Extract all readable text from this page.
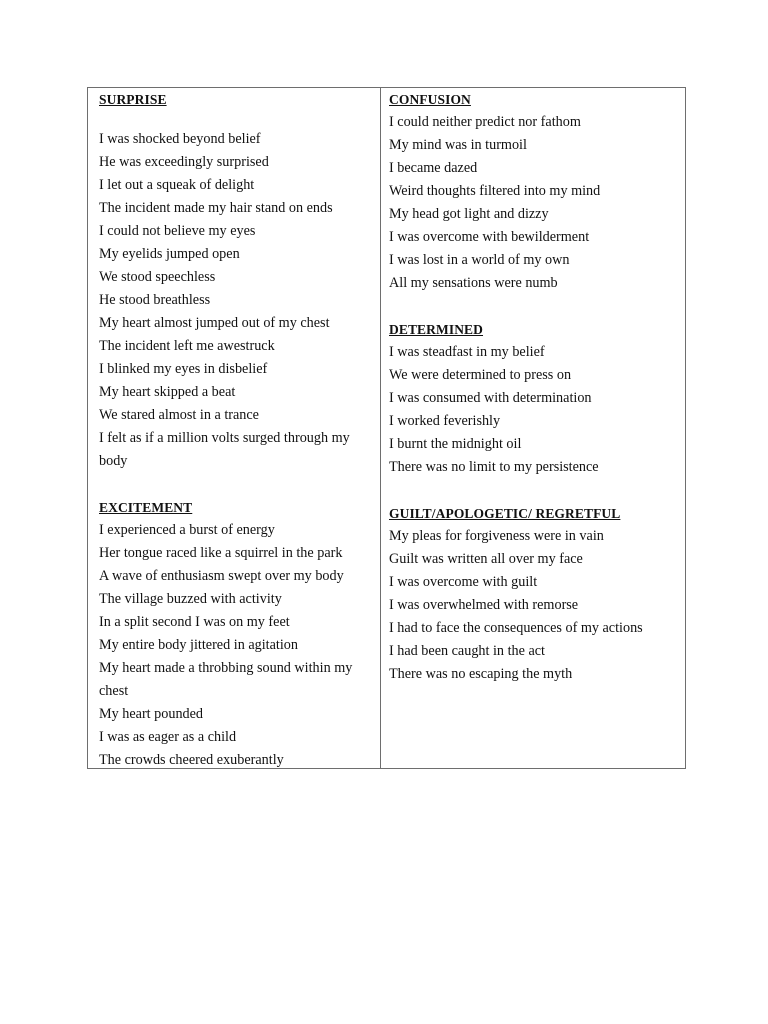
SURPRISE
I was shocked beyond belief
He was exceedingly surprised
I let out a squeak of delight
The incident made my hair stand on ends
I could not believe my eyes
My eyelids jumped open
We stood speechless
He stood breathless
My heart almost jumped out of my chest
The incident left me awestruck
I blinked my eyes in disbelief
My heart skipped a beat
We stared almost in a trance
I felt as if a million volts surged through my
body
EXCITEMENT
I experienced a burst of energy
Her tongue raced like a squirrel in the park
A wave of enthusiasm swept over my body
The village buzzed with activity
In a split second I was on my feet
My entire body jittered in agitation
My heart made a throbbing sound within my
chest
My heart pounded
I was as eager as a child
The crowds cheered exuberantly
CONFUSION
I could neither predict nor fathom
My mind was in turmoil
I became dazed
Weird thoughts filtered into my mind
My head got light and dizzy
I was overcome with bewilderment
I was lost in a world of my own
All my sensations were numb
DETERMINED
I was steadfast in my belief
We were determined to press on
I was consumed with determination
I worked feverishly
I burnt the midnight oil
There was no limit to my persistence
GUILT/APOLOGETIC/ REGRETFUL
My pleas for forgiveness were in vain
Guilt was written all over my face
I was overcome with guilt
I was overwhelmed with remorse
I had to face the consequences of my actions
I had been caught in the act
There was no escaping the myth
